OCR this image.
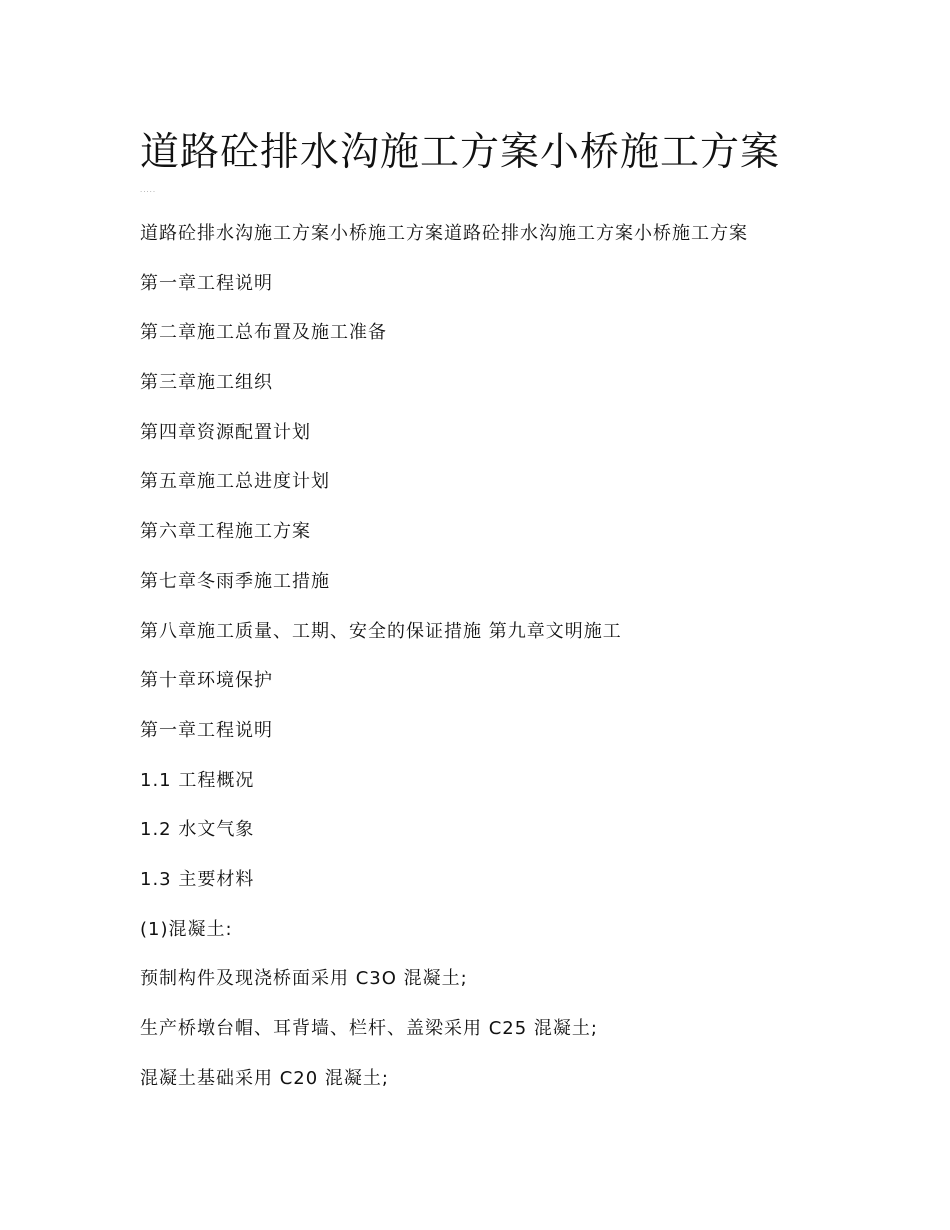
道路砼排水沟施工方案小桥施工方案
·····
道路砼排水沟施工方案小桥施工方案道路砼排水沟施工方案小桥施工方案
第一章工程说明
第二章施工总布置及施工准备
第三章施工组织
第四章资源配置计划
第五章施工总进度计划
第六章工程施工方案
第七章冬雨季施工措施
第八章施工质量、工期、安全的保证措施 第九章文明施工
第十章环境保护
第一章工程说明
1.1 工程概况
1.2 水文气象
1.3 主要材料
(1)混凝土:
预制构件及现浇桥面采用 C3O 混凝土;
生产桥墩台帽、耳背墙、栏杆、盖梁采用 C25 混凝土;
混凝土基础采用 C20 混凝土;
